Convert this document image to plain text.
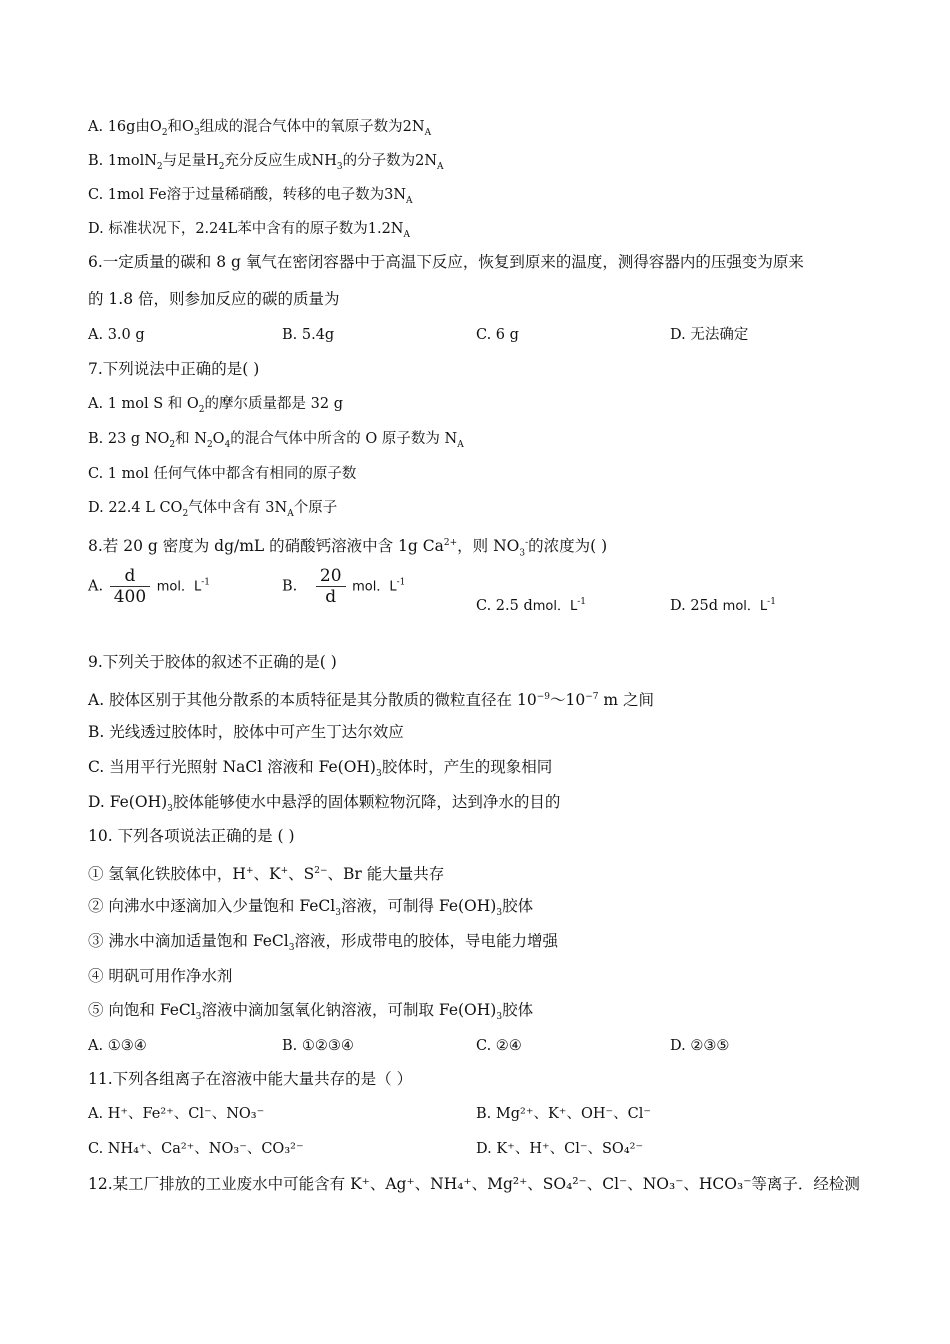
A. 16g由$O_2$和$O_3$组成的混合气体中的氧原子数为$2N_A$
B. 1molN$_2$与足量$H_2$充分反应生成$NH_3$的分子数为$2N_A$
C. 1mol Fe溶于过量稀硝酸，转移的电子数为$3N_A$
D. 标准状况下，2.24L苯中含有的原子数为$1.2N_A$
6.一定质量的碳和 8 g 氧气在密闭容器中于高温下反应，恢复到原来的温度，测得容器内的压强变为原来
的 1.8 倍，则参加反应的碳的质量为
A. 3.0 g	B. 5.4g	C. 6 g	D. 无法确定
7.下列说法中正确的是( )
A. 1 mol S 和 $O_2$的摩尔质量都是 32 g
B. 23 g $NO_2$和 $N_2O_4$的混合气体中所含的 O 原子数为 $N_A$
C. 1 mol 任何气体中都含有相同的原子数
D. 22.4 L $CO_2$气体中含有 $3N_A$个原子
8.若 20 g 密度为 dg/mL 的硝酸钙溶液中含 1g $Ca^{2+}$，则 $NO_3^-$的浓度为( )
A. $\frac{d}{400}$ mol．$L^{-1}$	B. $\frac{20}{d}$ mol．$L^{-1}$
C. 2.5 dmol．$L^{-1}$	D. 25d mol．$L^{-1}$
9.下列关于胶体的叙述不正确的是( )
A. 胶体区别于其他分散系的本质特征是其分散质的微粒直径在 $10^{-9}\sim 10^{-7}$ m 之间
B. 光线透过胶体时，胶体中可产生丁达尔效应
C. 当用平行光照射 NaCl 溶液和 $Fe(OH)_3$胶体时，产生的现象相同
D. $Fe(OH)_3$胶体能够使水中悬浮的固体颗粒物沉降，达到净水的目的
10. 下列各项说法正确的是 ( )
① 氢氧化铁胶体中，H+、K+、$S^{2-}$、Br 能大量共存
② 向沸水中逐滴加入少量饱和 FeCl$_3$溶液，可制得 $Fe(OH)_3$胶体
③ 沸水中滴加适量饱和 FeCl$_3$溶液，形成带电的胶体，导电能力增强
④ 明矾可用作净水剂
⑤ 向饱和 FeCl$_3$溶液中滴加氢氧化钠溶液，可制取 $Fe(OH)_3$胶体
A. ①③④	B. ①②③④	C. ②④	D. ②③⑤
11.下列各组离子在溶液中能大量共存的是（ ）
A. H⁺、Fe²⁺、Cl⁻、NO₃⁻	B. Mg²⁺、K⁺、OH⁻、Cl⁻
C. NH₄⁺、Ca²⁺、NO₃⁻、CO₃²⁻	D. K⁺、H⁺、Cl⁻、SO₄²⁻
12.某工厂排放的工业废水中可能含有 K⁺、Ag⁺、NH₄⁺、Mg²⁺、SO₄²⁻、Cl⁻、NO₃⁻、HCO₃⁻等离子．经检测
